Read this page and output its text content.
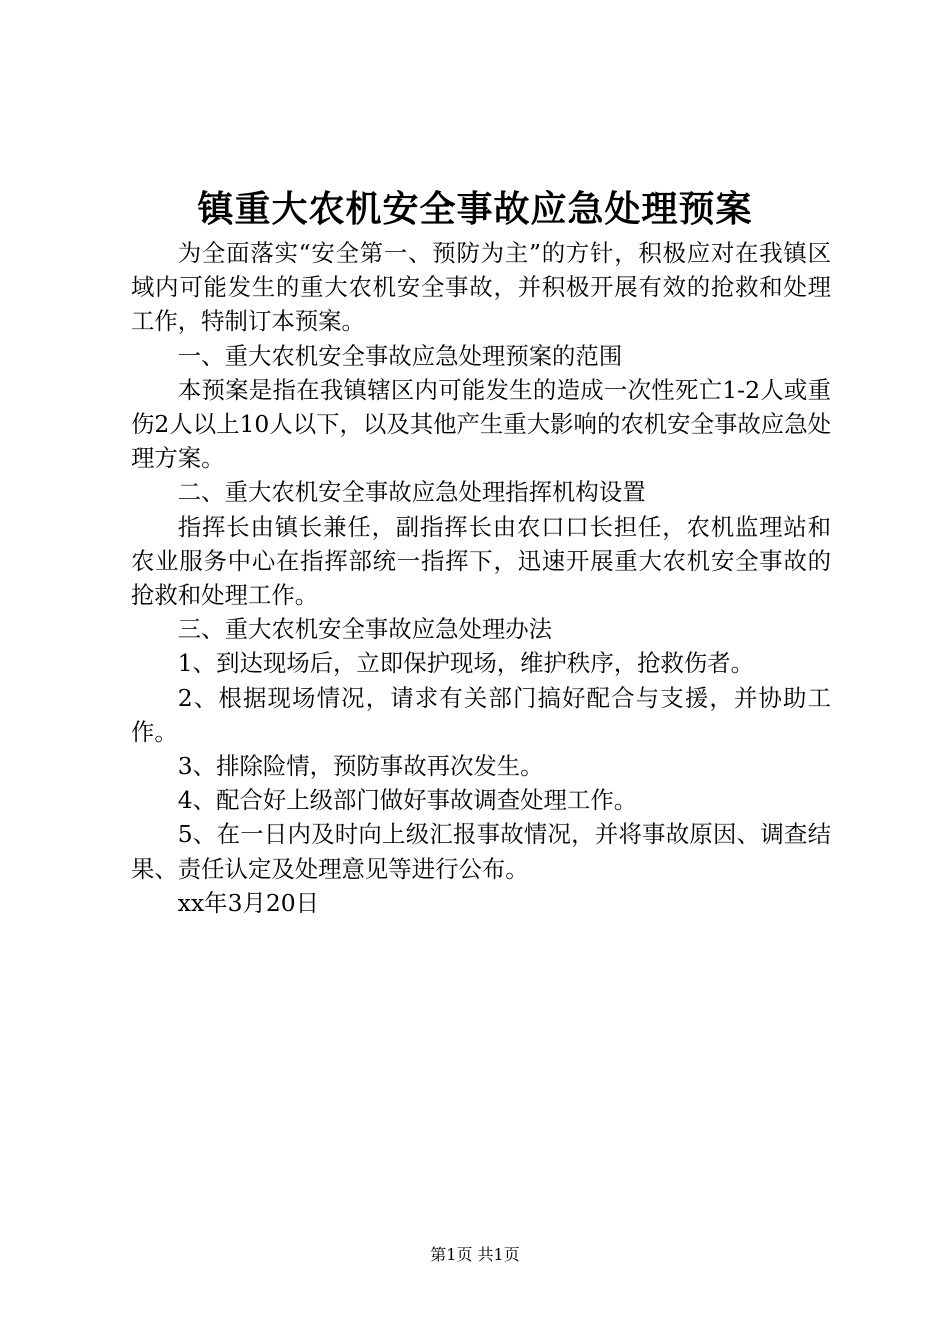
镇重大农机安全事故应急处理预案

为全面落实“安全第一、预防为主”的方针，积极应对在我镇区域内可能发生的重大农机安全事故，并积极开展有效的抢救和处理工作，特制订本预案。

一、重大农机安全事故应急处理预案的范围

本预案是指在我镇辖区内可能发生的造成一次性死亡1-2人或重伤2人以上10人以下，以及其他产生重大影响的农机安全事故应急处理方案。

二、重大农机安全事故应急处理指挥机构设置

指挥长由镇长兼任，副指挥长由农口口长担任，农机监理站和农业服务中心在指挥部统一指挥下，迅速开展重大农机安全事故的抢救和处理工作。

三、重大农机安全事故应急处理办法

1、到达现场后，立即保护现场，维护秩序，抢救伤者。

2、根据现场情况，请求有关部门搞好配合与支援，并协助工作。

3、排除险情，预防事故再次发生。

4、配合好上级部门做好事故调查处理工作。

5、在一日内及时向上级汇报事故情况，并将事故原因、调查结果、责任认定及处理意见等进行公布。

xx年3月20日

第1页 共1页
